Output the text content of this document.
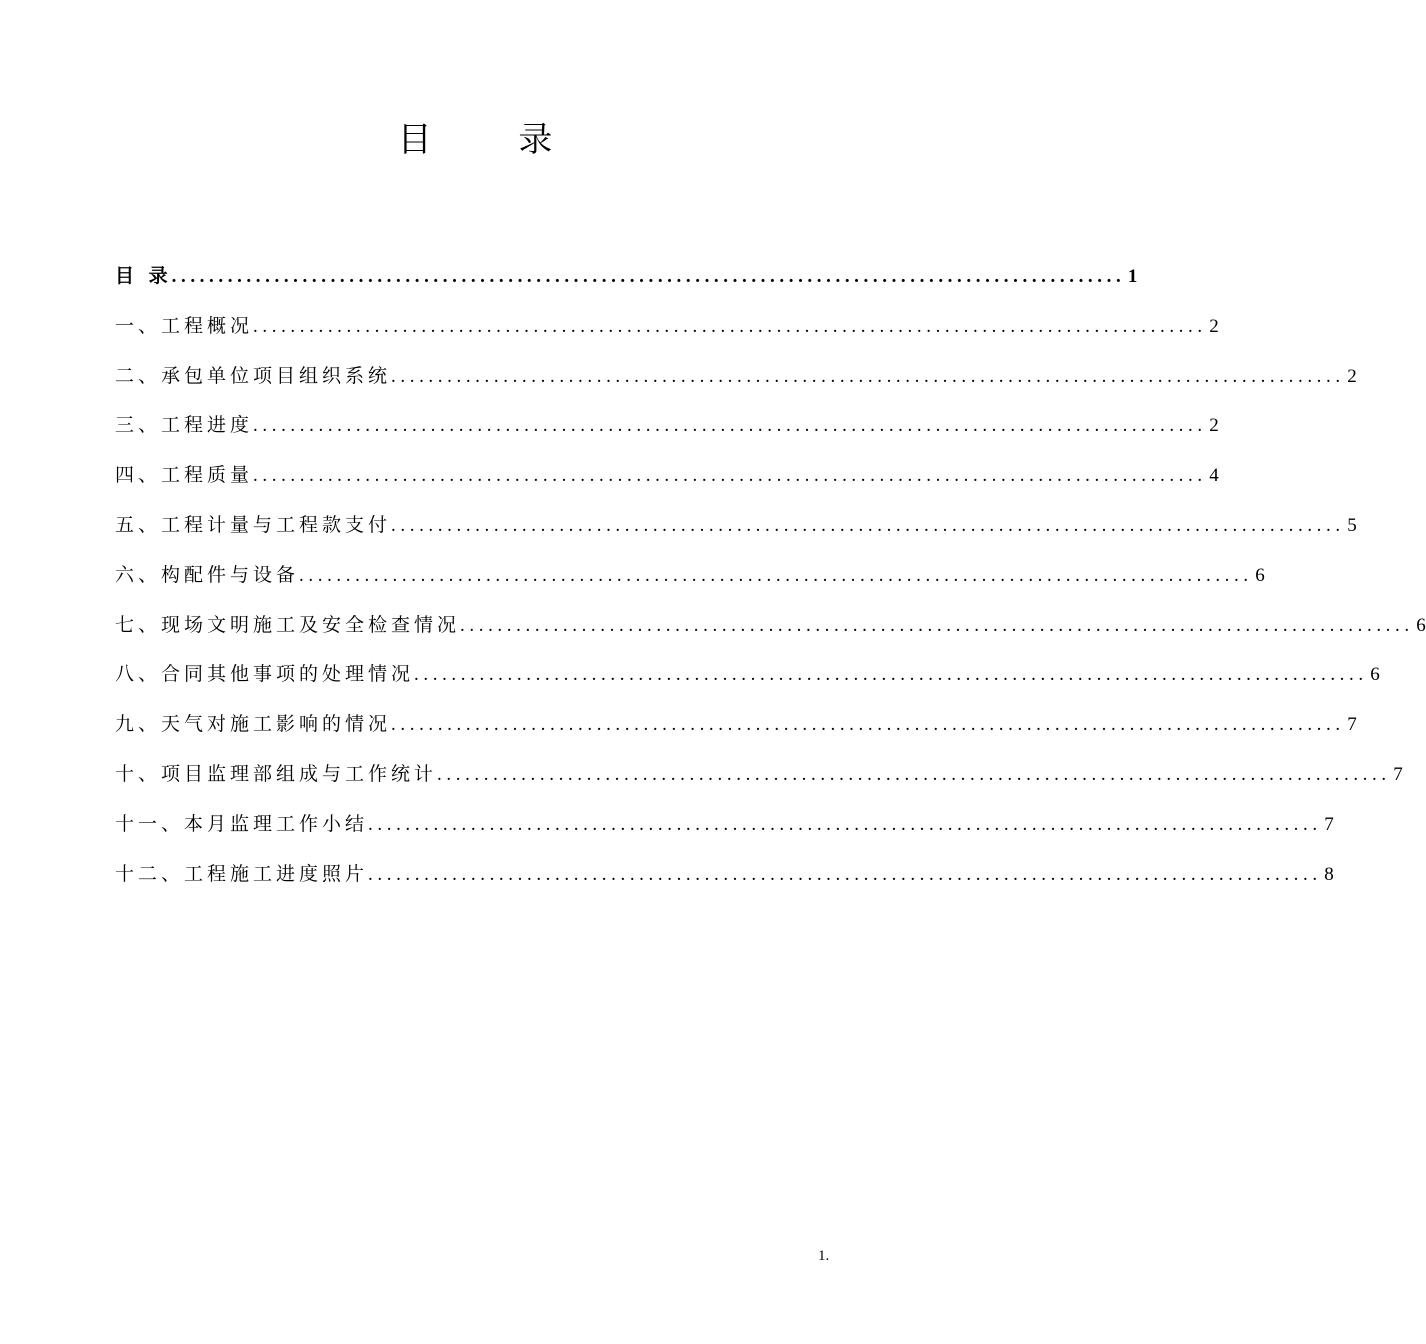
目 录
目 录 ...................................................................................................... 1
一、工程概况 ...................................................................................................... 2
二、承包单位项目组织系统 ...................................................................................................... 2
三、工程进度 ...................................................................................................... 2
四、工程质量 ...................................................................................................... 4
五、工程计量与工程款支付 ...................................................................................................... 5
六、构配件与设备 ...................................................................................................... 6
七、现场文明施工及安全检查情况 ...................................................................................................... 6
八、合同其他事项的处理情况 ...................................................................................................... 6
九、天气对施工影响的情况 ...................................................................................................... 7
十、项目监理部组成与工作统计 ...................................................................................................... 7
十一、本月监理工作小结 ...................................................................................................... 7
十二、工程施工进度照片 ...................................................................................................... 8
1.
